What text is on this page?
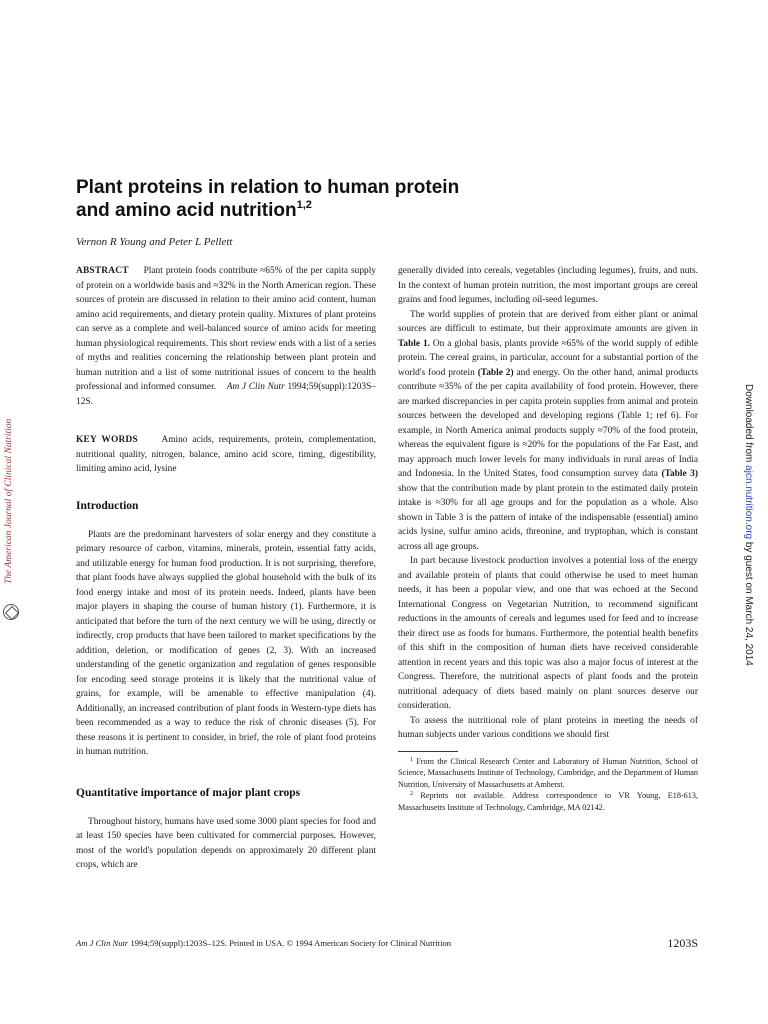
The American Journal of Clinical Nutrition	Downloaded from ajcn.nutrition.org by guest on March 24, 2014
Plant proteins in relation to human protein
and amino acid nutrition$^{1,2}$
Vernon R Young and Peter L Pellett

ABSTRACT Plant protein foods contribute ≈65% of the per capita supply of protein on a worldwide basis and ≈32% in the North American region. These sources of protein are discussed in relation to their amino acid content, human amino acid requirements, and dietary protein quality. Mixtures of plant proteins can serve as a complete and well-balanced source of amino acids for meeting human physiological requirements. This short review ends with a list of a series of myths and realities concerning the relationship between plant protein and human nutrition and a list of some nutritional issues of concern to the health professional and informed consumer. Am J Clin Nutr 1994;59(suppl):1203S–12S.

KEY WORDS	Amino acids, requirements, protein, complementation, nutritional quality, nitrogen, balance, amino acid score, timing, digestibility, limiting amino acid, lysine

Introduction

Plants are the predominant harvesters of solar energy and they constitute a primary resource of carbon, vitamins, minerals, protein, essential fatty acids, and utilizable energy for human food production. It is not surprising, therefore, that plant foods have always supplied the global household with the bulk of its food energy intake and most of its protein needs. Indeed, plants have been major players in shaping the course of human history (1). Furthermore, it is anticipated that before the turn of the next century we will be using, directly or indirectly, crop products that have been tailored to market specifications by the addition, deletion, or modification of genes (2, 3). With an increased understanding of the genetic organization and regulation of genes responsible for encoding seed storage proteins it is likely that the nutritional value of grains, for example, will be amenable to effective manipulation (4). Additionally, an increased contribution of plant foods in Western-type diets has been recommended as a way to reduce the risk of chronic diseases (5). For these reasons it is pertinent to consider, in brief, the role of plant food proteins in human nutrition.

Quantitative importance of major plant crops

Throughout history, humans have used some 3000 plant species for food and at least 150 species have been cultivated for commercial purposes. However, most of the world's population depends on approximately 20 different plant crops, which are

generally divided into cereals, vegetables (including legumes), fruits, and nuts. In the context of human protein nutrition, the most important groups are cereal grains and food legumes, including oil-seed legumes.

The world supplies of protein that are derived from either plant or animal sources are difficult to estimate, but their approximate amounts are given in Table 1. On a global basis, plants provide ≈65% of the world supply of edible protein. The cereal grains, in particular, account for a substantial portion of the world's food protein (Table 2) and energy. On the other hand, animal products contribute ≈35% of the per capita availability of food protein. However, there are marked discrepancies in per capita protein supplies from animal and protein sources between the developed and developing regions (Table 1; ref 6). For example, in North America animal products supply ≈70% of the food protein, whereas the equivalent figure is ≈20% for the populations of the Far East, and may approach much lower levels for many individuals in rural areas of India and Indonesia. In the United States, food consumption survey data (Table 3) show that the contribution made by plant protein to the estimated daily protein intake is ≈30% for all age groups and for the population as a whole. Also shown in Table 3 is the pattern of intake of the indispensable (essential) amino acids lysine, sulfur amino acids, threonine, and tryptophan, which is constant across all age groups.

In part because livestock production involves a potential loss of the energy and available protein of plants that could otherwise be used to meet human needs, it has been a popular view, and one that was echoed at the Second International Congress on Vegetarian Nutrition, to recommend significant reductions in the amounts of cereals and legumes used for feed and to increase their direct use as foods for humans. Furthermore, the potential health benefits of this shift in the composition of human diets have received considerable attention in recent years and this topic was also a major focus of interest at the Congress. Therefore, the nutritional aspects of plant foods and the protein nutritional adequacy of diets based mainly on plant sources deserve our consideration.

To assess the nutritional role of plant proteins in meeting the needs of human subjects under various conditions we should first

$^1$ From the Clinical Research Center and Laboratory of Human Nutrition, School of Science, Massachusetts Institute of Technology, Cambridge, and the Department of Human Nutrition, University of Massachusetts at Amherst.

$^2$ Reprints not available. Address correspondence to VR Young, E18-613, Massachusetts Institute of Technology, Cambridge, MA 02142.

Am J Clin Nutr 1994;59(suppl):1203S–12S. Printed in USA. © 1994 American Society for Clinical Nutrition	1203S
